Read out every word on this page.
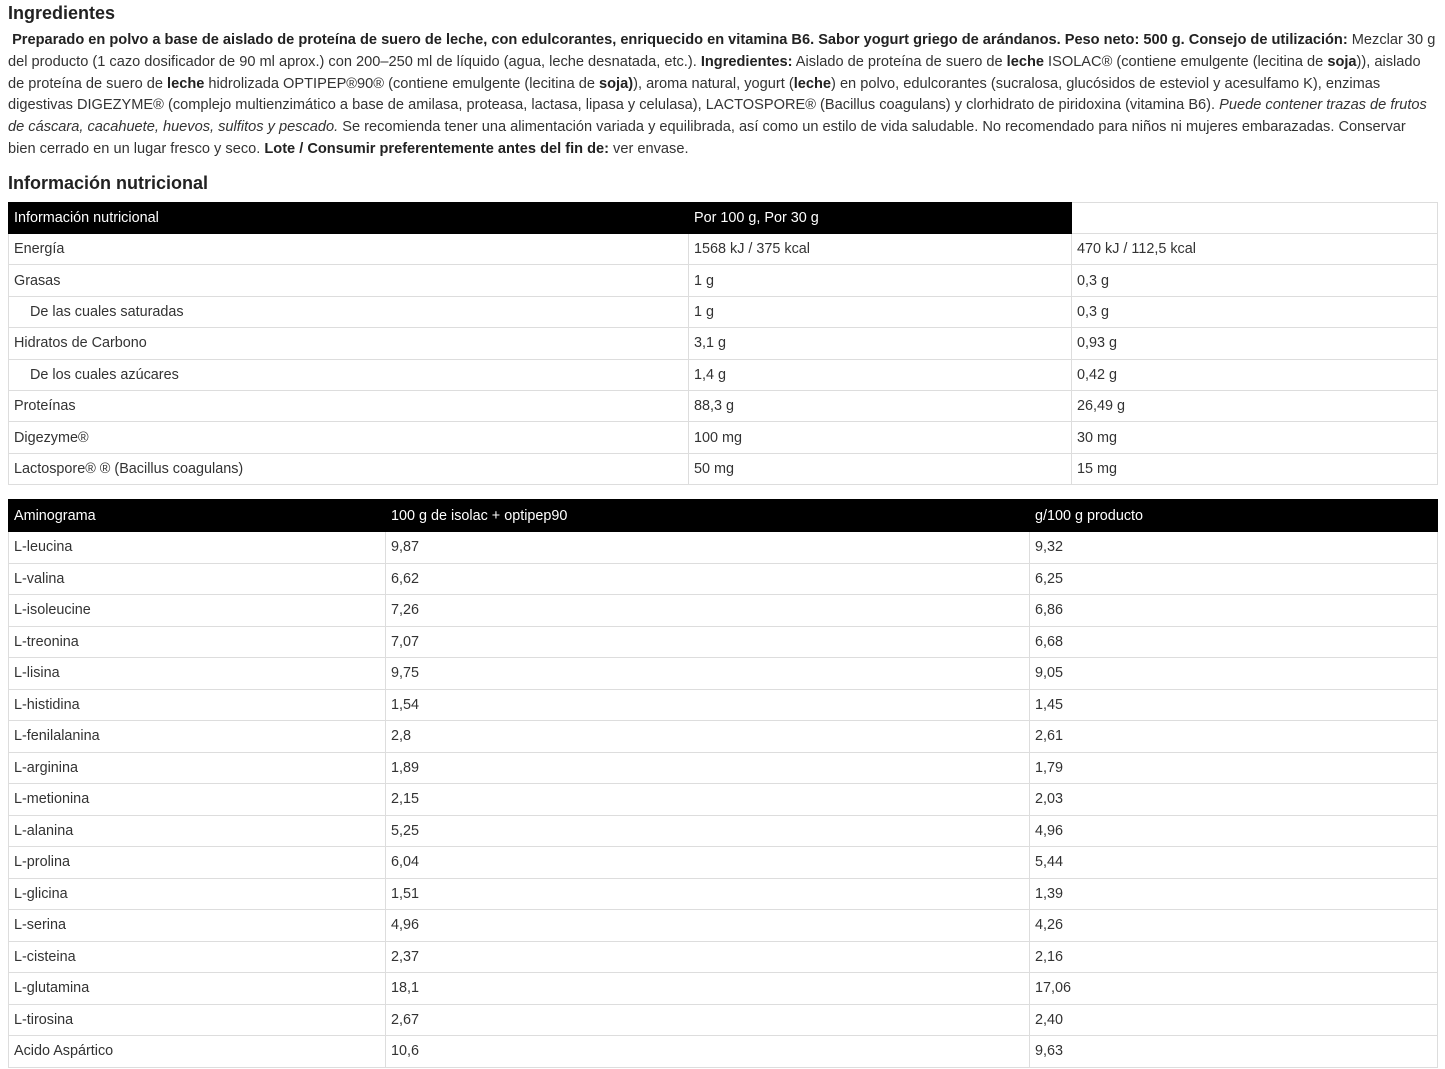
Ingredientes

Preparado en polvo a base de aislado de proteína de suero de leche, con edulcorantes, enriquecido en vitamina B6. Sabor yogurt griego de arándanos. Peso neto: 500 g. Consejo de utilización: Mezclar 30 g del producto (1 cazo dosificador de 90 ml aprox.) con 200–250 ml de líquido (agua, leche desnatada, etc.). Ingredientes: Aislado de proteína de suero de leche ISOLAC® (contiene emulgente (lecitina de soja)), aislado de proteína de suero de leche hidrolizada OPTIPEP®90® (contiene emulgente (lecitina de soja)), aroma natural, yogurt (leche) en polvo, edulcorantes (sucralosa, glucósidos de esteviol y acesulfamo K), enzimas digestivas DIGEZYME® (complejo multienzimático a base de amilasa, proteasa, lactasa, lipasa y celulasa), LACTOSPORE® (Bacillus coagulans) y clorhidrato de piridoxina (vitamina B6). Puede contener trazas de frutos de cáscara, cacahuete, huevos, sulfitos y pescado. Se recomienda tener una alimentación variada y equilibrada, así como un estilo de vida saludable. No recomendado para niños ni mujeres embarazadas. Conservar bien cerrado en un lugar fresco y seco. Lote / Consumir preferentemente antes del fin de: ver envase.

Información nutricional
Información nutricional	Por 100 g, Por 30 g	
Energía	1568 kJ / 375 kcal	470 kJ / 112,5 kcal
Grasas	1 g	0,3 g
De las cuales saturadas	1 g	0,3 g
Hidratos de Carbono	3,1 g	0,93 g
De los cuales azúcares	1,4 g	0,42 g
Proteínas	88,3 g	26,49 g
Digezyme®	100 mg	30 mg
Lactospore® ® (Bacillus coagulans)	50 mg	15 mg
Aminograma	100 g de isolac + optipep90	g/100 g producto
L-leucina	9,87	9,32
L-valina	6,62	6,25
L-isoleucine	7,26	6,86
L-treonina	7,07	6,68
L-lisina	9,75	9,05
L-histidina	1,54	1,45
L-fenilalanina	2,8	2,61
L-arginina	1,89	1,79
L-metionina	2,15	2,03
L-alanina	5,25	4,96
L-prolina	6,04	5,44
L-glicina	1,51	1,39
L-serina	4,96	4,26
L-cisteina	2,37	2,16
L-glutamina	18,1	17,06
L-tirosina	2,67	2,40
Acido Aspártico	10,6	9,63
